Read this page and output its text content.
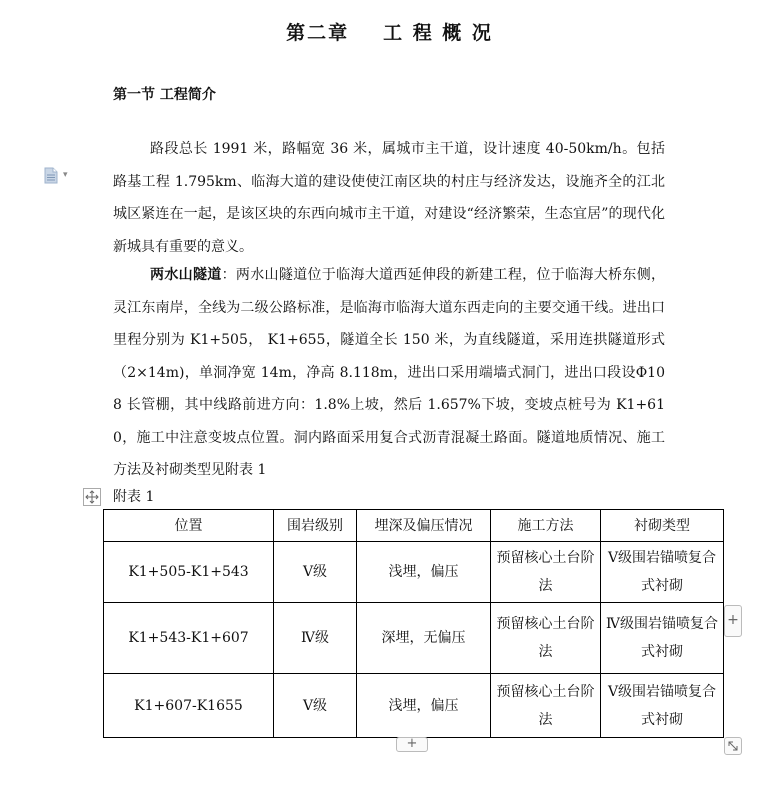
第二章 工 程 概 况
第一节 工程简介
▾
路段总长 1991 米，路幅宽 36 米，属城市主干道，设计速度 40-50km/h。包括路基工程 1.795km、临海大道的建设使使江南区块的村庄与经济发达，设施齐全的江北城区紧连在一起，是该区块的东西向城市主干道，对建设“经济繁荣，生态宜居”的现代化新城具有重要的意义。
两水山隧道：两水山隧道位于临海大道西延伸段的新建工程，位于临海大桥东侧，灵江东南岸，全线为二级公路标准，是临海市临海大道东西走向的主要交通干线。进出口里程分别为 K1+505， K1+655，隧道全长 150 米，为直线隧道，采用连拱隧道形式（2×14m)，单洞净宽 14m，净高 8.118m，进出口采用端墙式洞门，进出口段设Φ108 长管棚，其中线路前进方向：1.8%上坡，然后 1.657%下坡，变坡点桩号为 K1+610，施工中注意变坡点位置。洞内路面采用复合式沥青混凝土路面。隧道地质情况、施工方法及衬砌类型见附表 1
附表 1
位置	围岩级别	埋深及偏压情况	施工方法	衬砌类型
K1+505-K1+543	Ⅴ级	浅埋，偏压	预留核心土台阶法	Ⅴ级围岩锚喷复合式衬砌
K1+543-K1+607	Ⅳ级	深埋，无偏压	预留核心土台阶法	Ⅳ级围岩锚喷复合式衬砌
K1+607-K1655	Ⅴ级	浅埋，偏压	预留核心土台阶法	Ⅴ级围岩锚喷复合式衬砌
+
+
